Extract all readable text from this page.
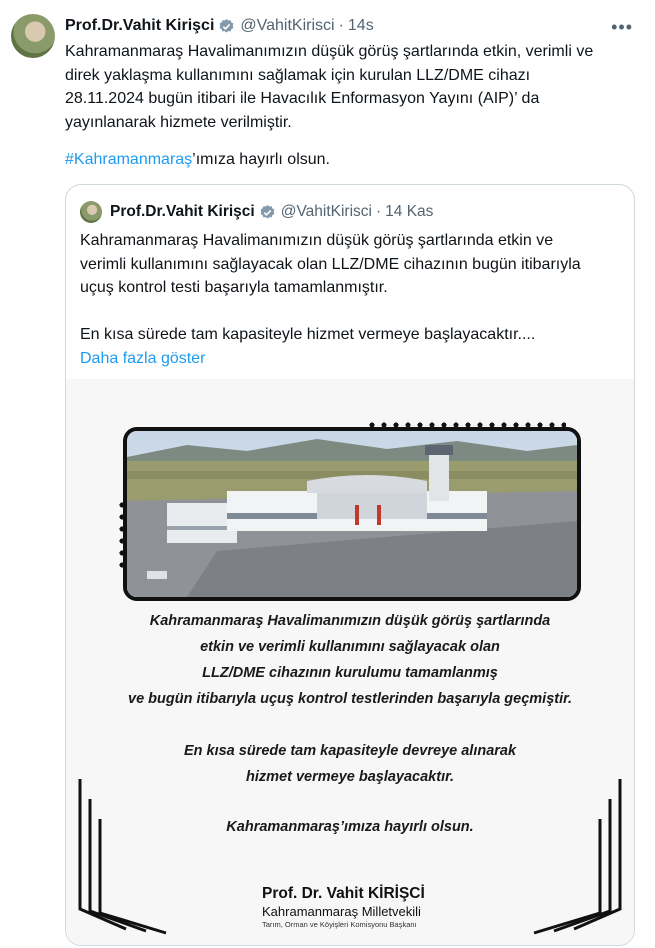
Prof.Dr.Vahit Kirişci @VahitKirisci · 14s	•••

Kahramanmaraş Havalimanımızın düşük görüş şartlarında etkin, verimli ve

direk yaklaşma kullanımını sağlamak için kurulan LLZ/DME cihazı

28.11.2024 bugün itibari ile Havacılık Enformasyon Yayını (AIP)’ da

yayınlanarak hizmete verilmiştir.

#Kahramanmaraş’ımıza hayırlı olsun.
Prof.Dr.Vahit Kirişci @VahitKirisci · 14 Kas

Kahramanmaraş Havalimanımızın düşük görüş şartlarında etkin ve

verimli kullanımını sağlayacak olan LLZ/DME cihazının bugün itibarıyla

uçuş kontrol testi başarıyla tamamlanmıştır.

En kısa sürede tam kapasiteyle hizmet vermeye başlayacaktır....

Daha fazla göster

Kahramanmaraş Havalimanımızın düşük görüş şartlarında
etkin ve verimli kullanımını sağlayacak olan
LLZ/DME cihazının kurulumu tamamlanmış
ve bugün itibarıyla uçuş kontrol testlerinden başarıyla geçmiştir.
En kısa sürede tam kapasiteyle devreye alınarak
hizmet vermeye başlayacaktır.
Kahramanmaraş’ımıza hayırlı olsun.
Prof. Dr. Vahit KİRİŞCİ
Kahramanmaraş Milletvekili
Tarım, Orman ve Köyişleri Komisyonu Başkanı
